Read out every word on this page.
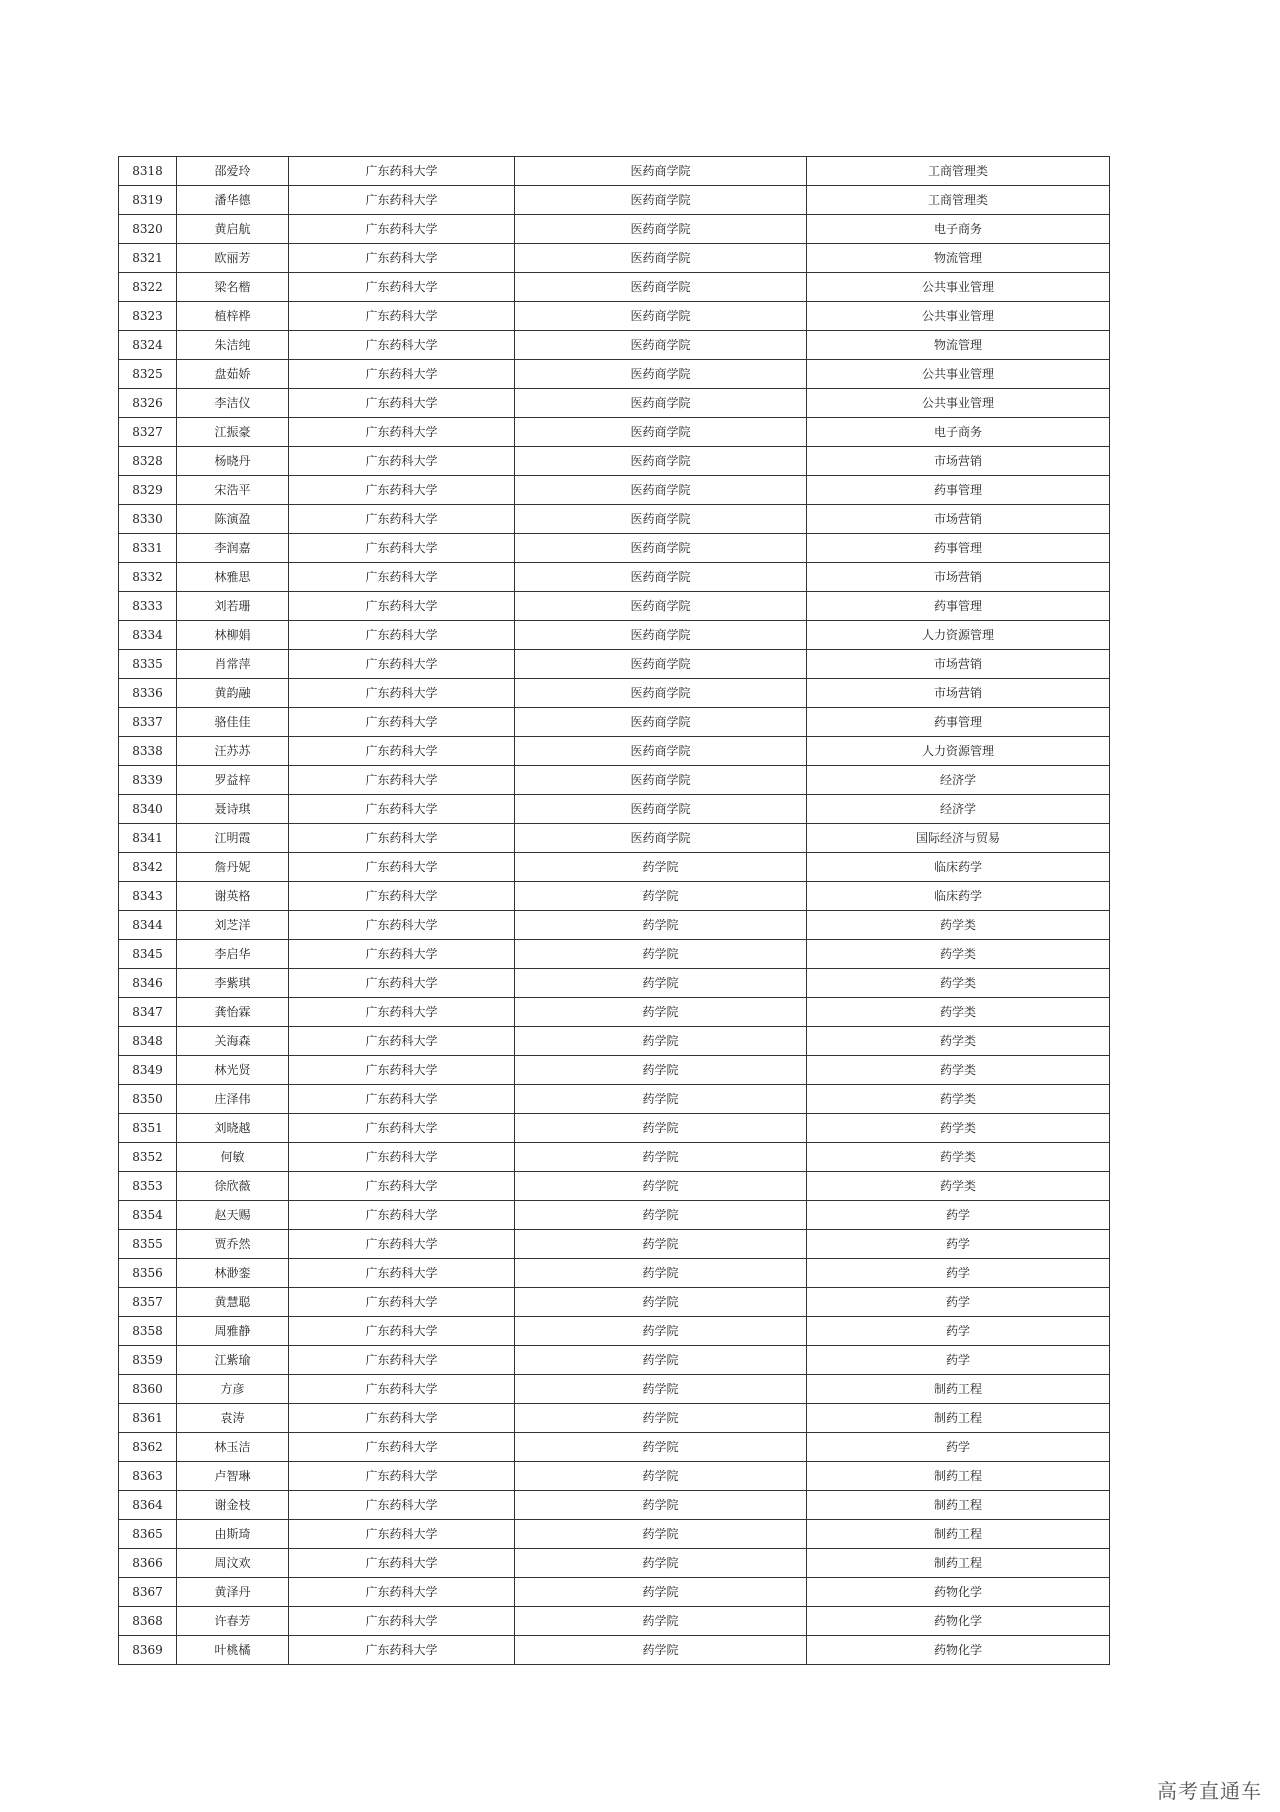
8318	邵爱玲	广东药科大学	医药商学院	工商管理类
8319	潘华德	广东药科大学	医药商学院	工商管理类
8320	黄启航	广东药科大学	医药商学院	电子商务
8321	欧丽芳	广东药科大学	医药商学院	物流管理
8322	梁名楷	广东药科大学	医药商学院	公共事业管理
8323	植梓桦	广东药科大学	医药商学院	公共事业管理
8324	朱洁纯	广东药科大学	医药商学院	物流管理
8325	盘茹娇	广东药科大学	医药商学院	公共事业管理
8326	李洁仪	广东药科大学	医药商学院	公共事业管理
8327	江振豪	广东药科大学	医药商学院	电子商务
8328	杨晓丹	广东药科大学	医药商学院	市场营销
8329	宋浩平	广东药科大学	医药商学院	药事管理
8330	陈演盈	广东药科大学	医药商学院	市场营销
8331	李润嘉	广东药科大学	医药商学院	药事管理
8332	林雅思	广东药科大学	医药商学院	市场营销
8333	刘若珊	广东药科大学	医药商学院	药事管理
8334	林柳娟	广东药科大学	医药商学院	人力资源管理
8335	肖常萍	广东药科大学	医药商学院	市场营销
8336	黄韵融	广东药科大学	医药商学院	市场营销
8337	骆佳佳	广东药科大学	医药商学院	药事管理
8338	汪苏苏	广东药科大学	医药商学院	人力资源管理
8339	罗益梓	广东药科大学	医药商学院	经济学
8340	聂诗琪	广东药科大学	医药商学院	经济学
8341	江明霞	广东药科大学	医药商学院	国际经济与贸易
8342	詹丹妮	广东药科大学	药学院	临床药学
8343	谢英格	广东药科大学	药学院	临床药学
8344	刘芝洋	广东药科大学	药学院	药学类
8345	李启华	广东药科大学	药学院	药学类
8346	李紫琪	广东药科大学	药学院	药学类
8347	龚怡霖	广东药科大学	药学院	药学类
8348	关海森	广东药科大学	药学院	药学类
8349	林光贤	广东药科大学	药学院	药学类
8350	庄泽伟	广东药科大学	药学院	药学类
8351	刘晓越	广东药科大学	药学院	药学类
8352	何敏	广东药科大学	药学院	药学类
8353	徐欣薇	广东药科大学	药学院	药学类
8354	赵天赐	广东药科大学	药学院	药学
8355	贾乔然	广东药科大学	药学院	药学
8356	林渺銮	广东药科大学	药学院	药学
8357	黄慧聪	广东药科大学	药学院	药学
8358	周雅静	广东药科大学	药学院	药学
8359	江紫瑜	广东药科大学	药学院	药学
8360	方彦	广东药科大学	药学院	制药工程
8361	袁涛	广东药科大学	药学院	制药工程
8362	林玉洁	广东药科大学	药学院	药学
8363	卢智琳	广东药科大学	药学院	制药工程
8364	谢金枝	广东药科大学	药学院	制药工程
8365	由斯琦	广东药科大学	药学院	制药工程
8366	周汶欢	广东药科大学	药学院	制药工程
8367	黄泽丹	广东药科大学	药学院	药物化学
8368	许春芳	广东药科大学	药学院	药物化学
8369	叶桃橘	广东药科大学	药学院	药物化学
高考直通车
